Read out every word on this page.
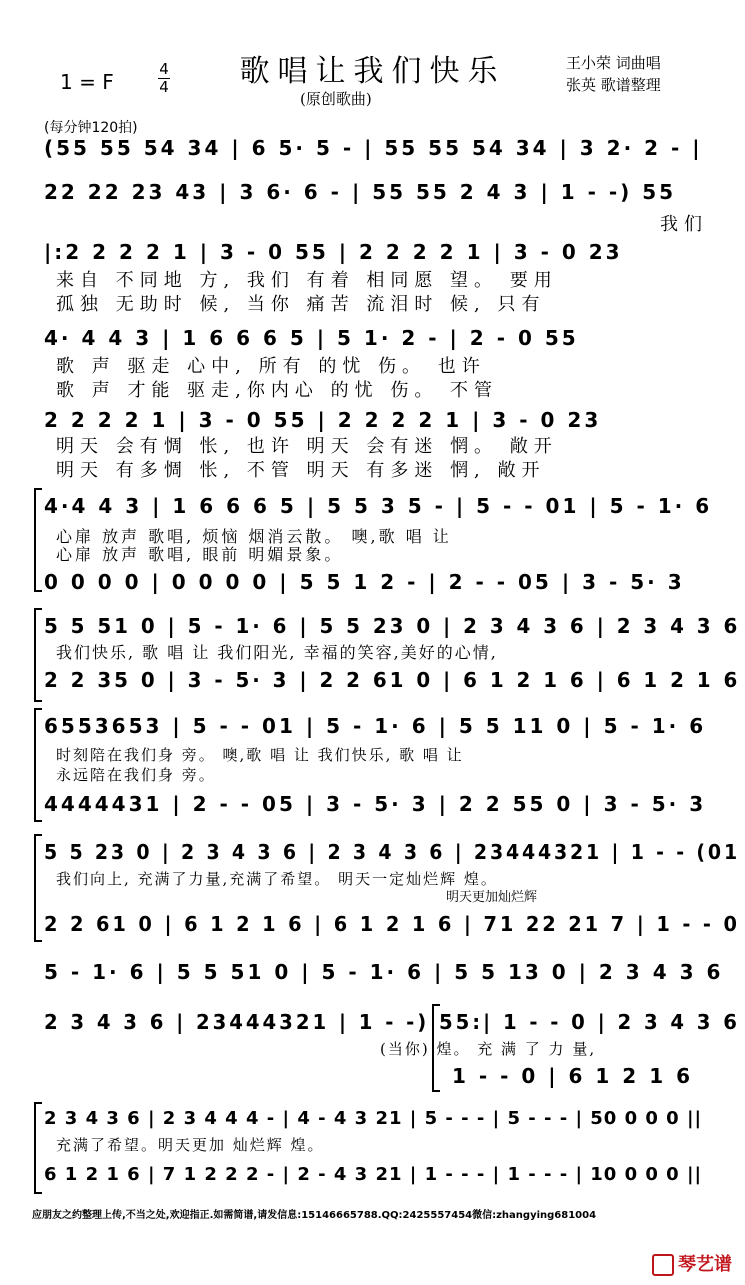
歌唱让我们快乐
(原创歌曲)
1 = F
4
4
王小荣 词曲唱
张英 歌谱整理
(每分钟120拍)
(55 55 54 34 | 6 5· 5 - | 55 55 54 34 | 3 2· 2 - |
22 22 23 43 | 3 6· 6 - | 55 55 2 4 3 | 1 - -) 55
我们
|:2 2 2 2 1 | 3 - 0 55 | 2 2 2 2 1 | 3 - 0 23
来自 不同地 方, 我们 有着 相同愿 望。 要用
孤独 无助时 候, 当你 痛苦 流泪时 候, 只有
4· 4 4 3 | 1 6 6 6 5 | 5 1· 2 - | 2 - 0 55
歌 声 驱走 心中, 所有 的忧 伤。 也许
歌 声 才能 驱走,你内心 的忧 伤。 不管
2 2 2 2 1 | 3 - 0 55 | 2 2 2 2 1 | 3 - 0 23
明天 会有惆 怅, 也许 明天 会有迷 惘。 敞开
明天 有多惆 怅, 不管 明天 有多迷 惘, 敞开
4·4 4 3 | 1 6 6 6 5 | 5 5 3 5 - | 5 - - 01 | 5 - 1· 6
心扉 放声 歌唱, 烦恼 烟消云散。 噢,歌 唱 让
心扉 放声 歌唱, 眼前 明媚景象。
0 0 0 0 | 0 0 0 0 | 5 5 1 2 - | 2 - - 05 | 3 - 5· 3
5 5 51 0 | 5 - 1· 6 | 5 5 23 0 | 2 3 4 3 6 | 2 3 4 3 6
我们快乐, 歌 唱 让 我们阳光, 幸福的笑容,美好的心情,
2 2 35 0 | 3 - 5· 3 | 2 2 61 0 | 6 1 2 1 6 | 6 1 2 1 6
6553653 | 5 - - 01 | 5 - 1· 6 | 5 5 11 0 | 5 - 1· 6
时刻陪在我们身 旁。 噢,歌 唱 让 我们快乐, 歌 唱 让
永远陪在我们身 旁。
4444431 | 2 - - 05 | 3 - 5· 3 | 2 2 55 0 | 3 - 5· 3
5 5 23 0 | 2 3 4 3 6 | 2 3 4 3 6 | 23444321 | 1 - - (01
我们向上, 充满了力量,充满了希望。 明天一定灿烂辉 煌。
明天更加灿烂辉
2 2 61 0 | 6 1 2 1 6 | 6 1 2 1 6 | 71 22 21 7 | 1 - - 0
5 - 1· 6 | 5 5 51 0 | 5 - 1· 6 | 5 5 13 0 | 2 3 4 3 6
2 3 4 3 6 | 23444321 | 1 - -) 55:| 1 - - 0 | 2 3 4 3 6
(当你) 煌。 充 满 了 力 量,
1 - - 0 | 6 1 2 1 6
2 3 4 3 6 | 2 3 4 4 4 - | 4 - 4 3 21 | 5 - - - | 5 - - - | 50 0 0 0 ||
充满了希望。明天更加 灿烂辉 煌。
6 1 2 1 6 | 7 1 2 2 2 - | 2 - 4 3 21 | 1 - - - | 1 - - - | 10 0 0 0 ||
应朋友之约整理上传,不当之处,欢迎指正.如需简谱,请发信息:15146665788.QQ:2425557454微信:zhangying681004
琴艺谱
